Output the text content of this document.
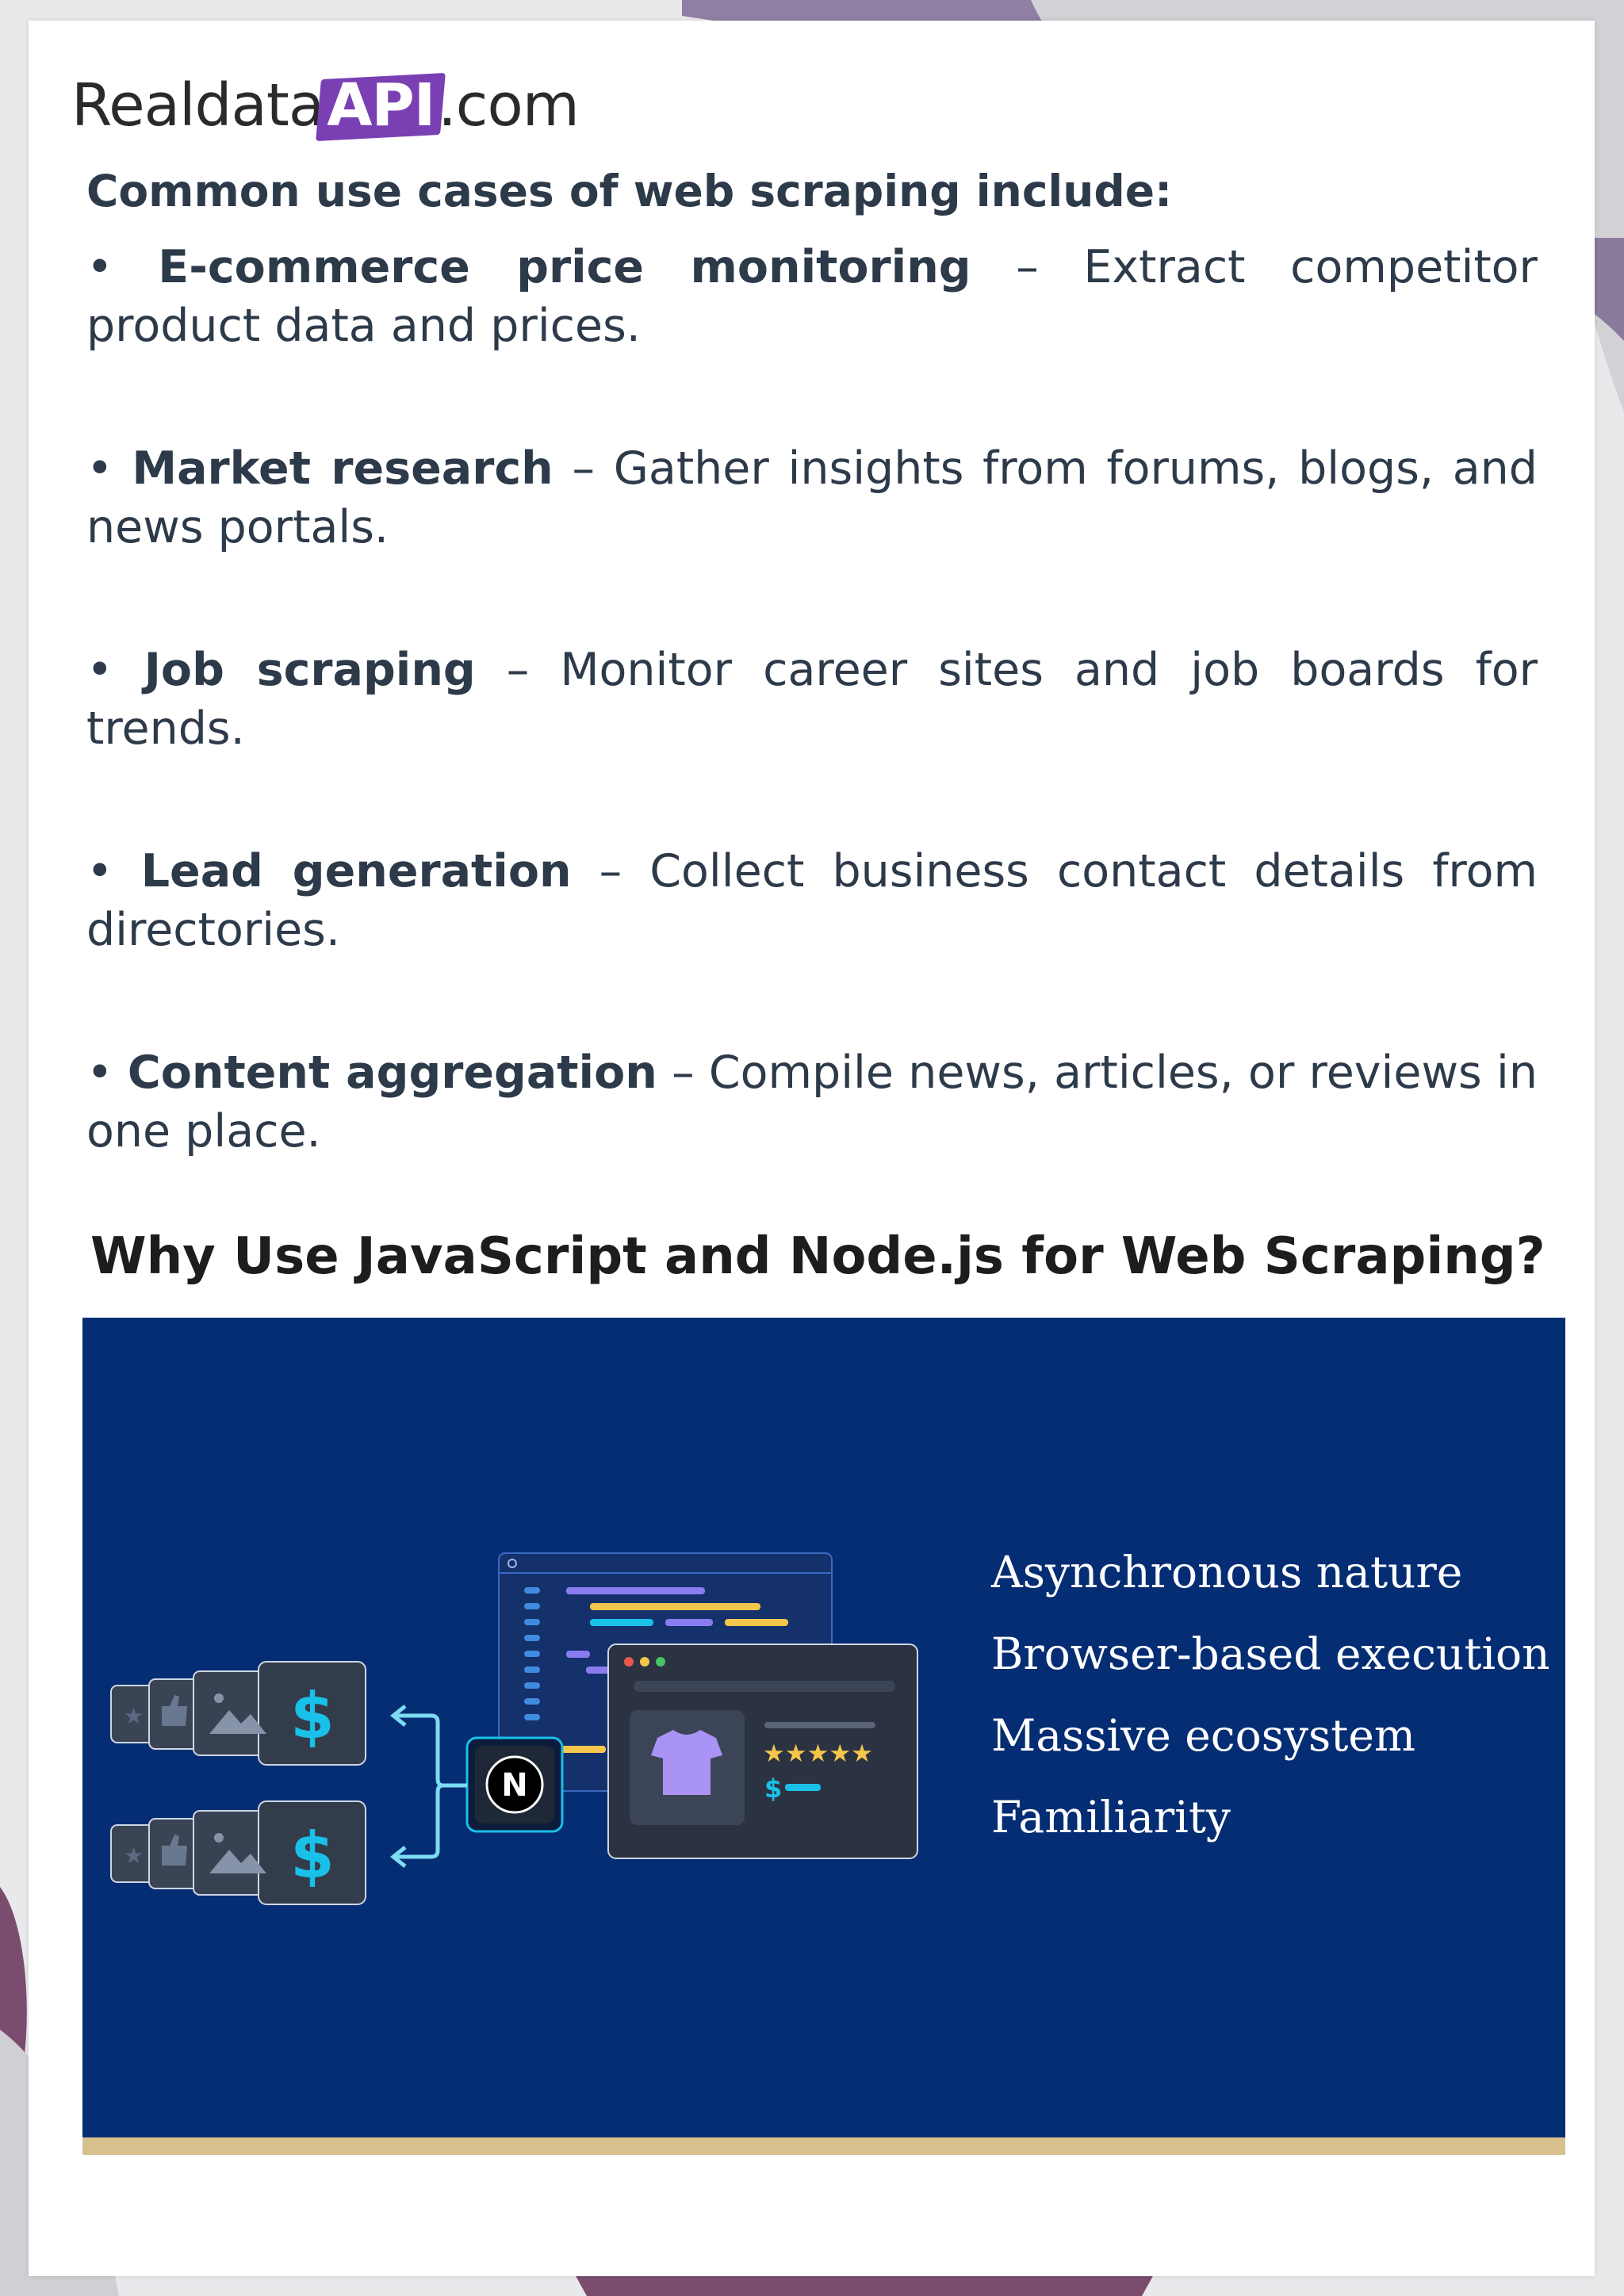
Realdata API .com

Common use cases of web scraping include:

• E-commerce price monitoring – Extract competitor product data and prices.

• Market research – Gather insights from forums, blogs, and news portals.

• Job scraping – Monitor career sites and job boards for trends.

• Lead generation – Collect business contact details from directories.

• Content aggregation – Compile news, articles, or reviews in one place.

Why Use JavaScript and Node.js for Web Scraping?
★★★★★
$
N
★ $
★ $
Asynchronous nature
Browser-based execution
Massive ecosystem
Familiarity
